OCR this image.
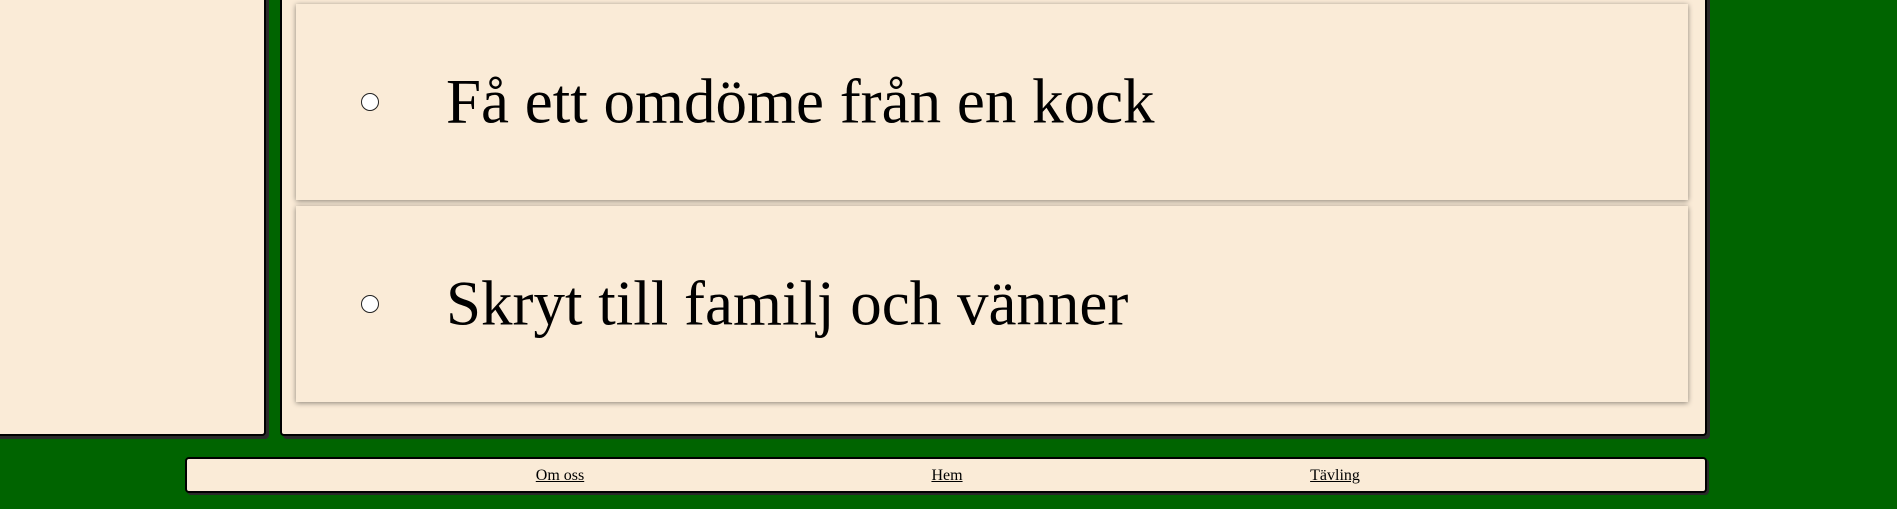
Få ett omdöme från en kock
Skryt till familj och vänner
Om oss	Hem	Tävling
